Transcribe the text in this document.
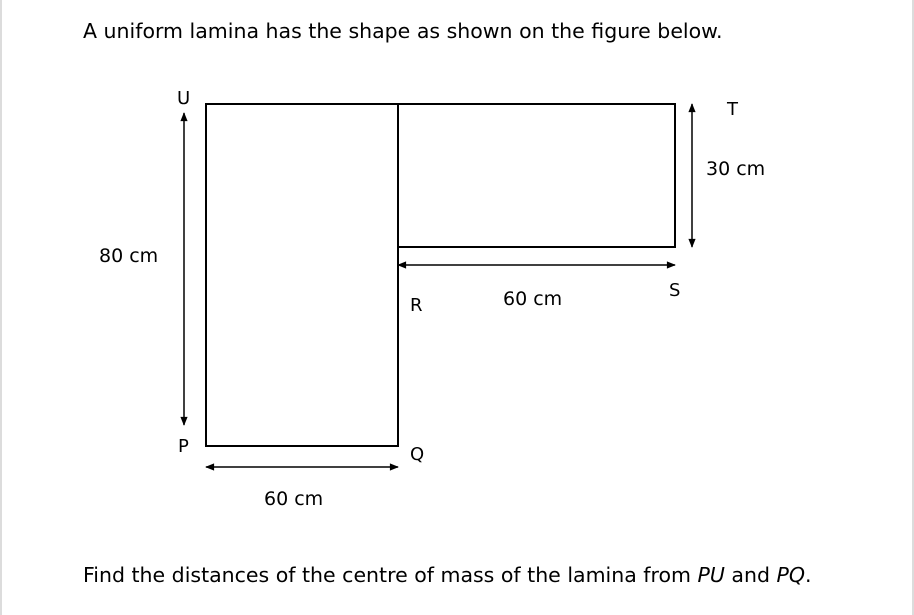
A uniform lamina has the shape as shown on the figure below.
U
T
S
R
Q
P
80 cm
60 cm
60 cm
30 cm

Find the distances of the centre of mass of the lamina from PU and PQ.
